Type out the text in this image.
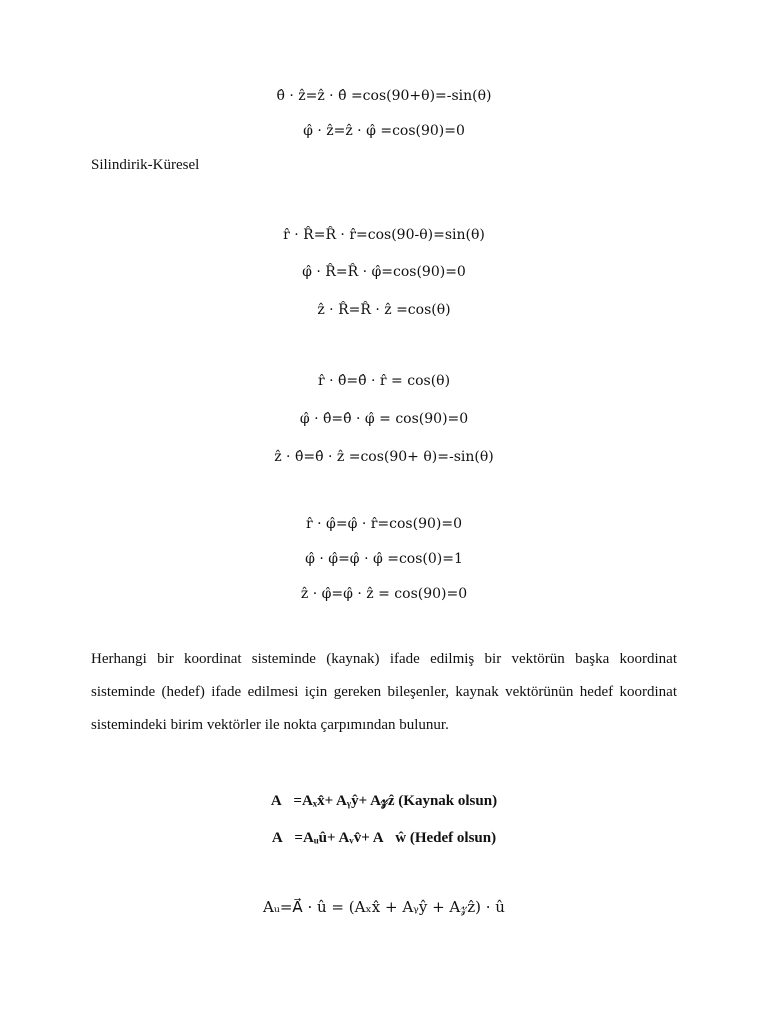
θ̂ · ẑ=ẑ · θ̂ =cos(90+θ)=-sin(θ)
φ̂ · ẑ=ẑ · φ̂ =cos(90)=0
Silindirik-Küresel
r̂ · R̂=R̂ · r̂=cos(90-θ)=sin(θ)
φ̂ · R̂=R̂ · φ̂=cos(90)=0
ẑ · R̂=R̂ · ẑ =cos(θ)
r̂ · θ̂=θ̂ · r̂ = cos(θ)
φ̂ · θ̂=θ̂ · φ̂ = cos(90)=0
ẑ · θ̂=θ̂ · ẑ =cos(90+ θ)=-sin(θ)
r̂ · φ̂=φ̂ · r̂=cos(90)=0
φ̂ · φ̂=φ̂ · φ̂ =cos(0)=1
ẑ · φ̂=φ̂ · ẑ = cos(90)=0
Herhangi bir koordinat sisteminde (kaynak) ifade edilmiş bir vektörün başka koordinat sisteminde (hedef) ifade edilmesi için gereken bileşenler, kaynak vektörünün hedef koordinat sistemindeki birim vektörler ile nokta çarpımından bulunur.
A⃗=Aₓx̂+ Aᵧŷ+ A𝓏ẑ (Kaynak olsun)
A⃗=Aᵤû+ Aᵥv̂+ A𝓌ŵ (Hedef olsun)
Aᵤ=A⃗ · û = (Aₓx̂ + Aᵧŷ + A𝓏ẑ) · û
